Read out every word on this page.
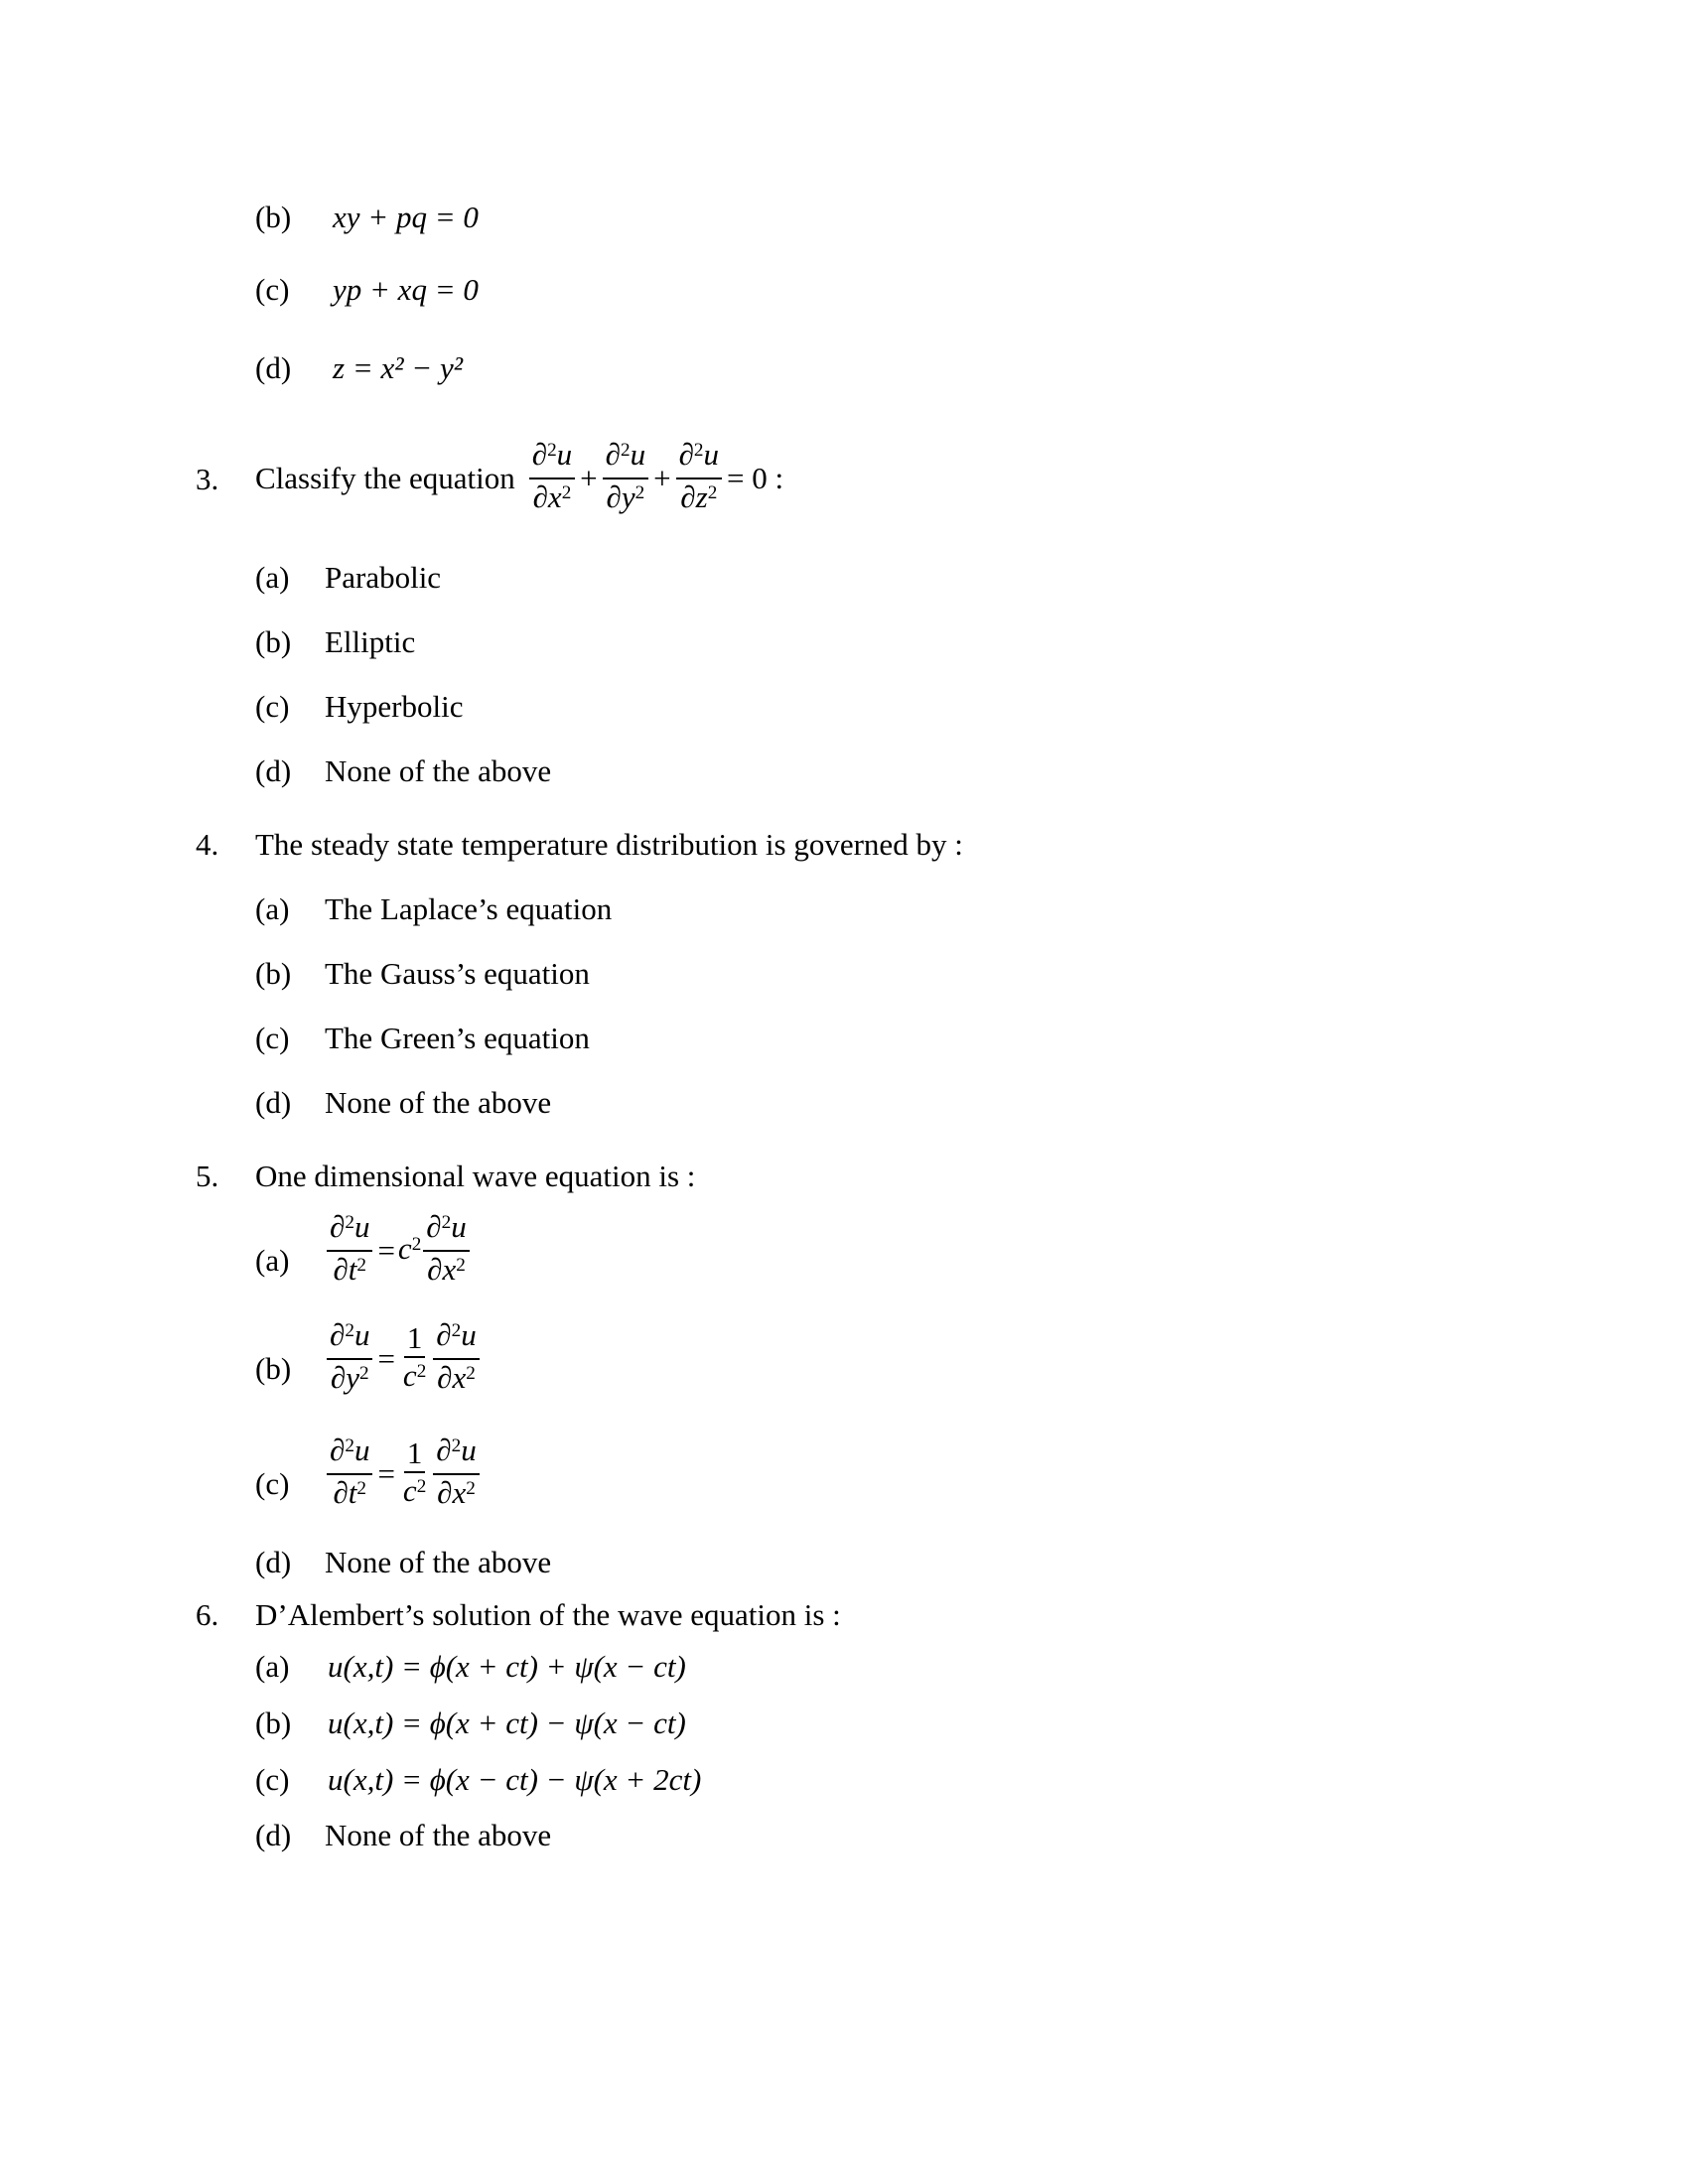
(b) xy + pq = 0
(c) yp + xq = 0
(d) z = x² − y²
3. Classify the equation $\frac{\partial^2u}{\partial x^2} + \frac{\partial^2u}{\partial y^2} + \frac{\partial^2u}{\partial z^2} = 0$ :
(a) Parabolic
(b) Elliptic
(c) Hyperbolic
(d) None of the above
4. The steady state temperature distribution is governed by :
(a) The Laplace’s equation
(b) The Gauss’s equation
(c) The Green’s equation
(d) None of the above
5. One dimensional wave equation is :
$(a) \frac{\partial^2u}{\partial t^2} = c^2 \frac{\partial^2u}{\partial x^2}$
$(b) \frac{\partial^2u}{\partial y^2} = \frac{1}{c^2} \frac{\partial^2u}{\partial x^2}$
$(c) \frac{\partial^2u}{\partial t^2} = \frac{1}{c^2} \frac{\partial^2u}{\partial x^2}$
(d) None of the above
6. D’Alembert’s solution of the wave equation is :
(a) u(x,t) = ϕ(x + ct) + ψ(x − ct)
(b) u(x,t) = ϕ(x + ct) − ψ(x − ct)
(c) u(x,t) = ϕ(x − ct) − ψ(x + 2ct)
(d) None of the above
